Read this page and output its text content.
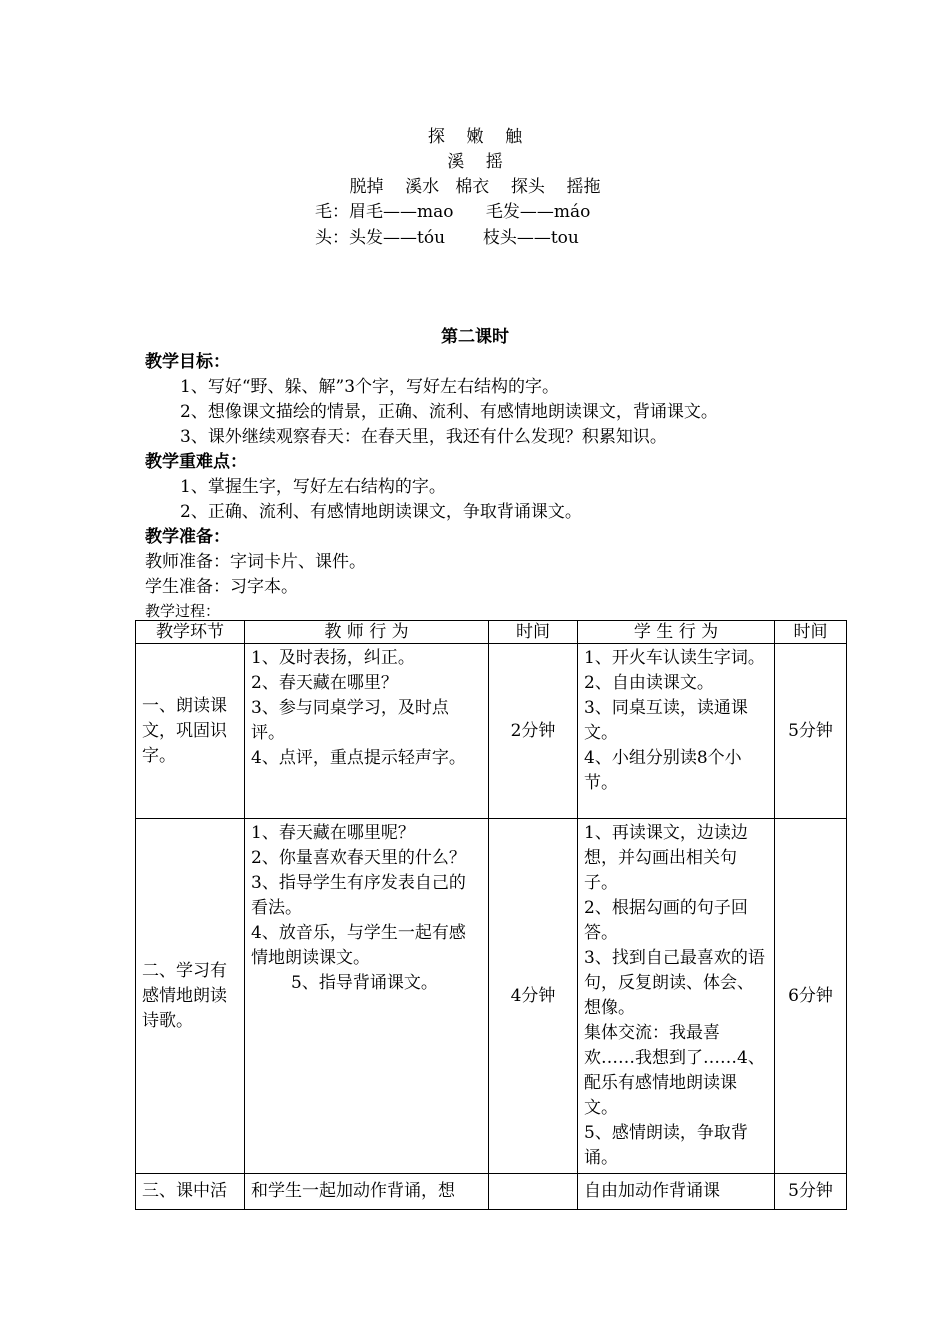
探    嫩    触
溪    摇
脱掉    溪水   棉衣    探头    摇拖
毛：眉毛——mao      毛发——máo
头：头发——tóu       枝头——tou
第二课时
教学目标：
1、写好“野、躲、解”3个字，写好左右结构的字。
2、想像课文描绘的情景，正确、流利、有感情地朗读课文，背诵课文。
3、课外继续观察春天：在春天里，我还有什么发现？积累知识。
教学重难点：
1、掌握生字，写好左右结构的字。
2、正确、流利、有感情地朗读课文，争取背诵课文。
教学准备：
教师准备：字词卡片、课件。
学生准备：习字本。
教学过程：
教学环节	教 师 行 为	时间	学 生 行 为	时间
一、朗读课文，巩固识字。	1、及时表扬，纠正。
2、春天藏在哪里？
3、参与同桌学习，及时点评。
4、点评，重点提示轻声字。	2分钟	1、开火车认读生字词。
2、自由读课文。
3、同桌互读，读通课文。
4、小组分别读8个小节。	5分钟
二、学习有感情地朗读诗歌。	1、春天藏在哪里呢？
2、你量喜欢春天里的什么？
3、指导学生有序发表自己的看法。
4、放音乐，与学生一起有感情地朗读课文。
5、指导背诵课文。	4分钟	1、再读课文，边读边想，并勾画出相关句子。
2、根据勾画的句子回答。
3、找到自己最喜欢的语句，反复朗读、体会、想像。
集体交流：我最喜欢……我想到了……4、配乐有感情地朗读课文。
5、感情朗读，争取背诵。	6分钟
三、课中活	和学生一起加动作背诵，想		自由加动作背诵课	5分钟
